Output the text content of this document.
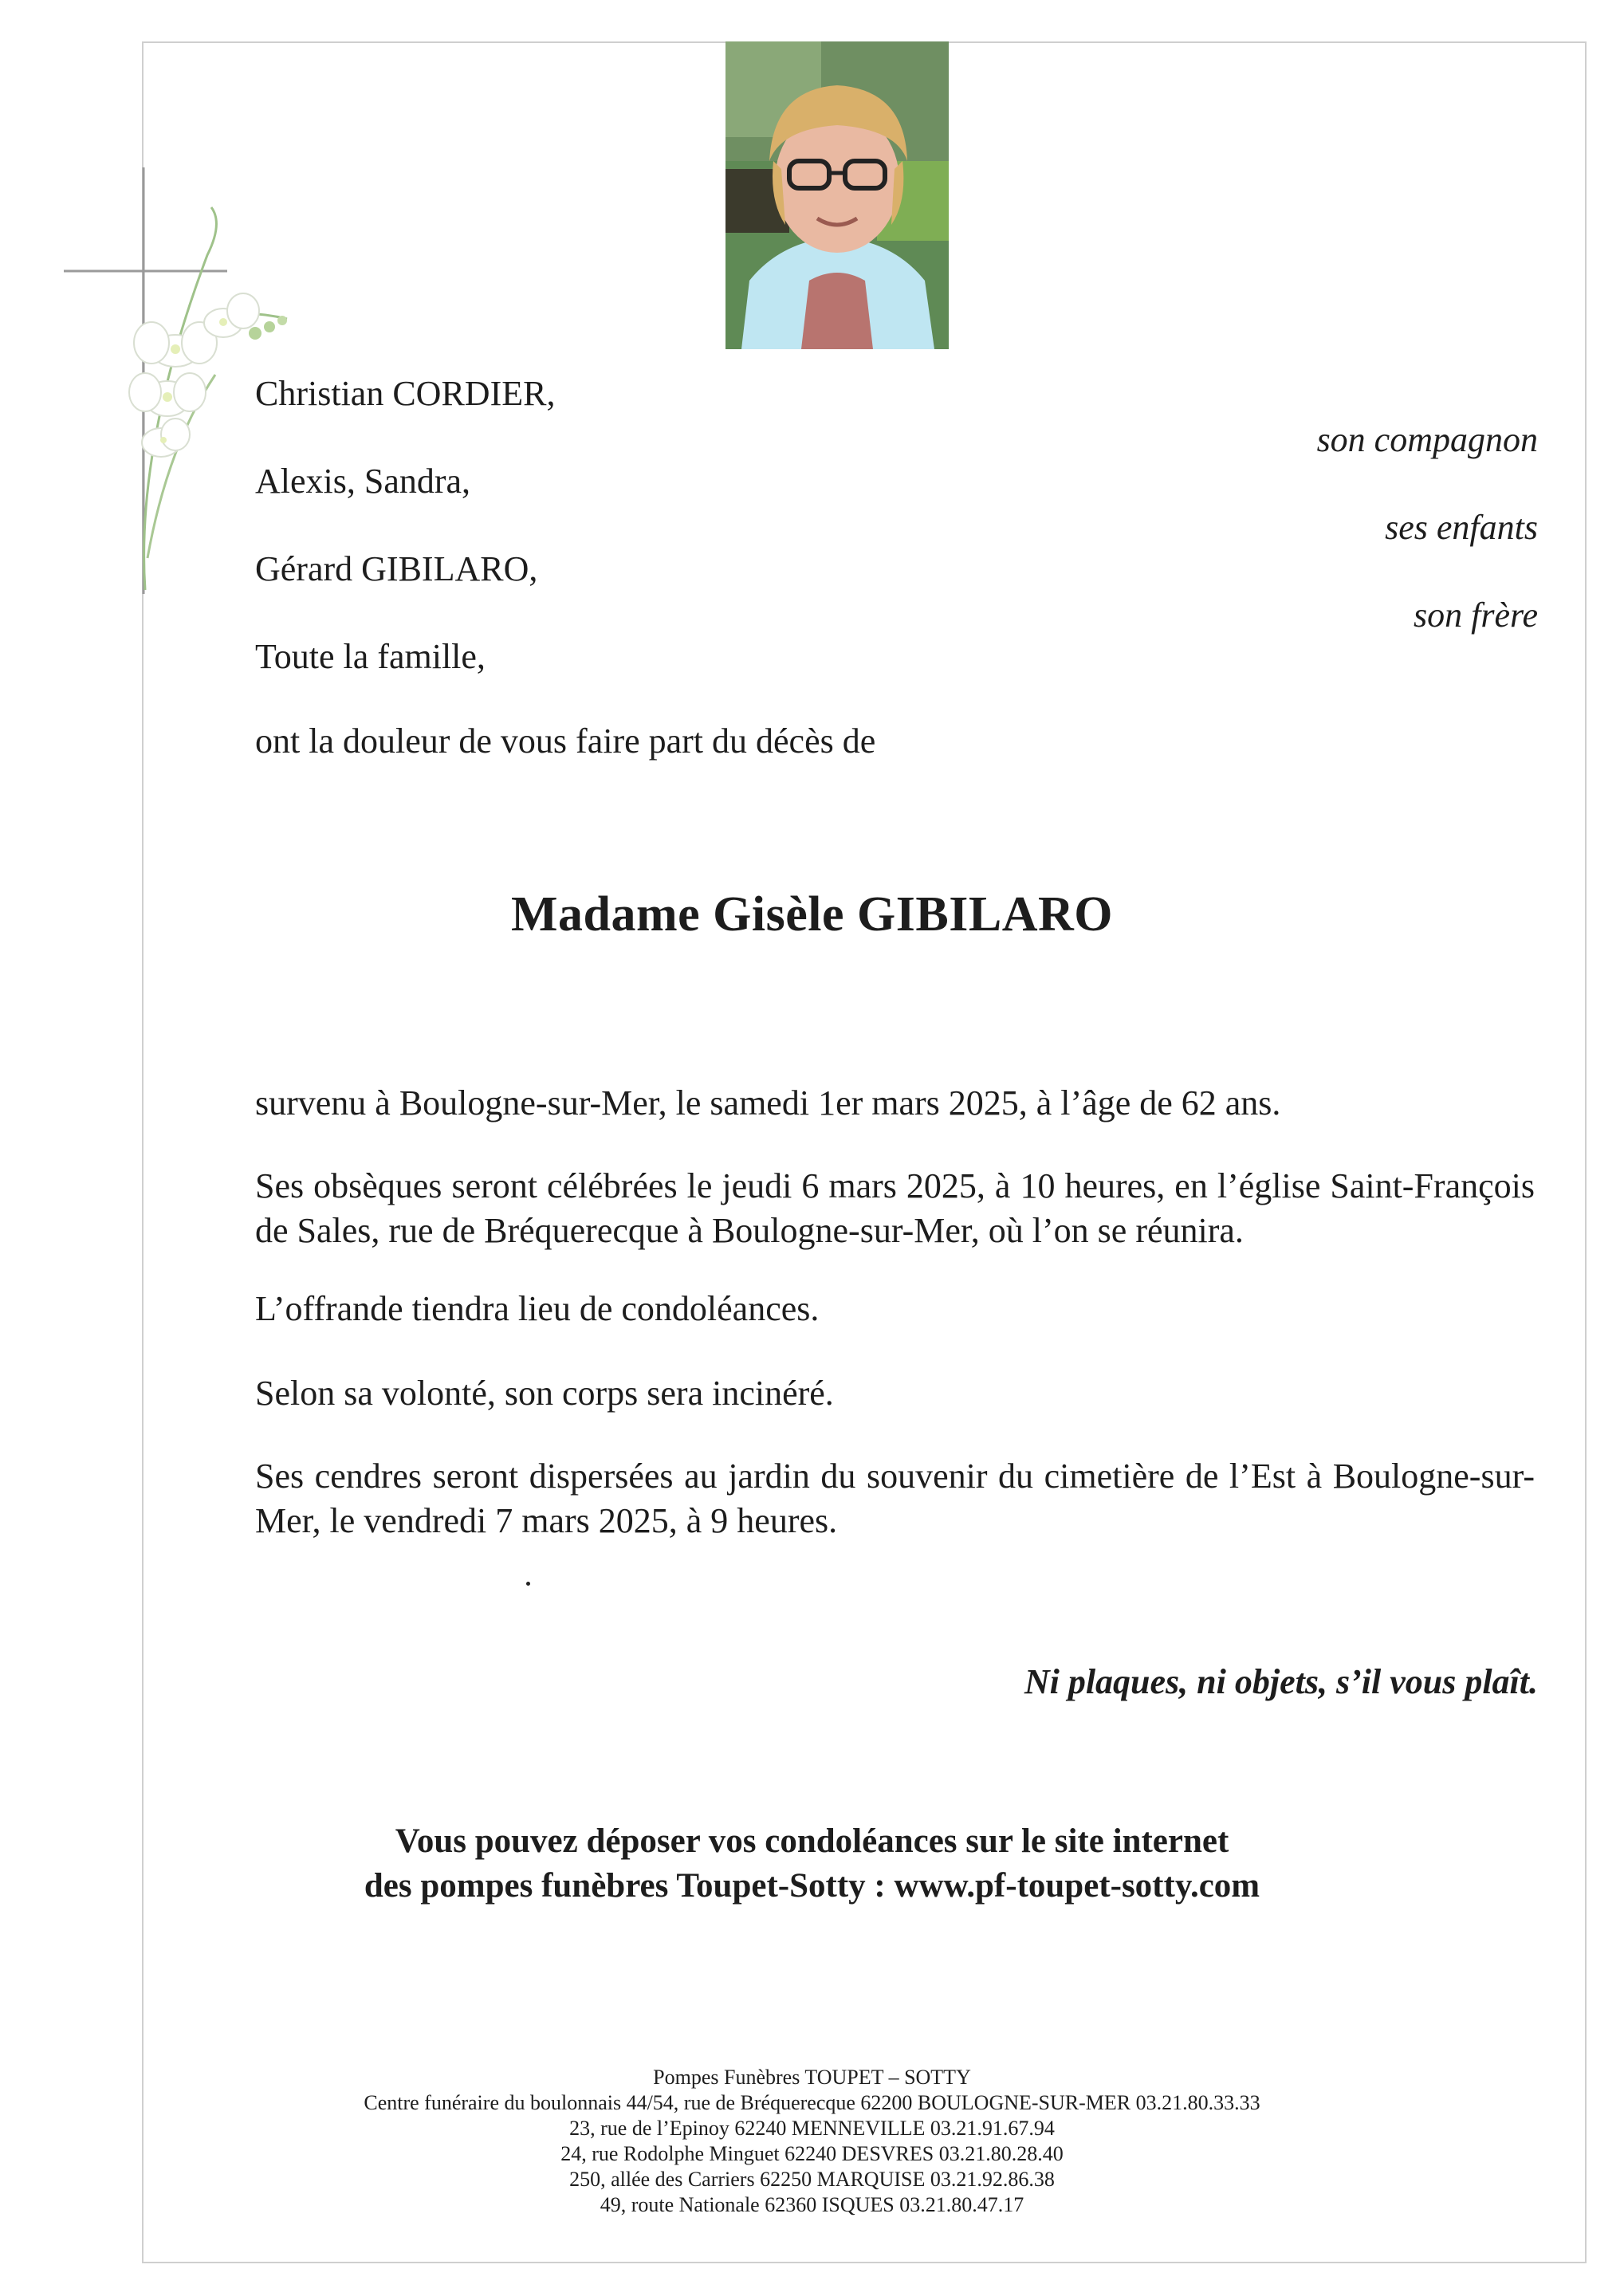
Christian CORDIER,
Alexis, Sandra,
Gérard GIBILARO,
Toute la famille,
son compagnon
ses enfants
son frère
ont la douleur de vous faire part du décès de
Madame Gisèle GIBILARO
survenu à Boulogne-sur-Mer, le samedi 1er mars 2025, à l’âge de 62 ans.
Ses obsèques seront célébrées le jeudi 6 mars 2025, à 10 heures, en l’église Saint-François de Sales, rue de Bréquerecque à Boulogne-sur-Mer, où l’on se réunira.
L’offrande tiendra lieu de condoléances.
Selon sa volonté, son corps sera incinéré.
Ses cendres seront dispersées au jardin du souvenir du cimetière de l’Est à Boulogne-sur-Mer, le vendredi 7 mars 2025, à 9 heures.
Ni plaques, ni objets, s’il vous plaît.
Vous pouvez déposer vos condoléances sur le site internet
des pompes funèbres Toupet-Sotty : www.pf-toupet-sotty.com
Pompes Funèbres TOUPET – SOTTY
Centre funéraire du boulonnais 44/54, rue de Bréquerecque 62200 BOULOGNE-SUR-MER 03.21.80.33.33
23, rue de l’Epinoy 62240 MENNEVILLE 03.21.91.67.94
24, rue Rodolphe Minguet 62240 DESVRES 03.21.80.28.40
250, allée des Carriers 62250 MARQUISE 03.21.92.86.38
49, route Nationale 62360 ISQUES 03.21.80.47.17
